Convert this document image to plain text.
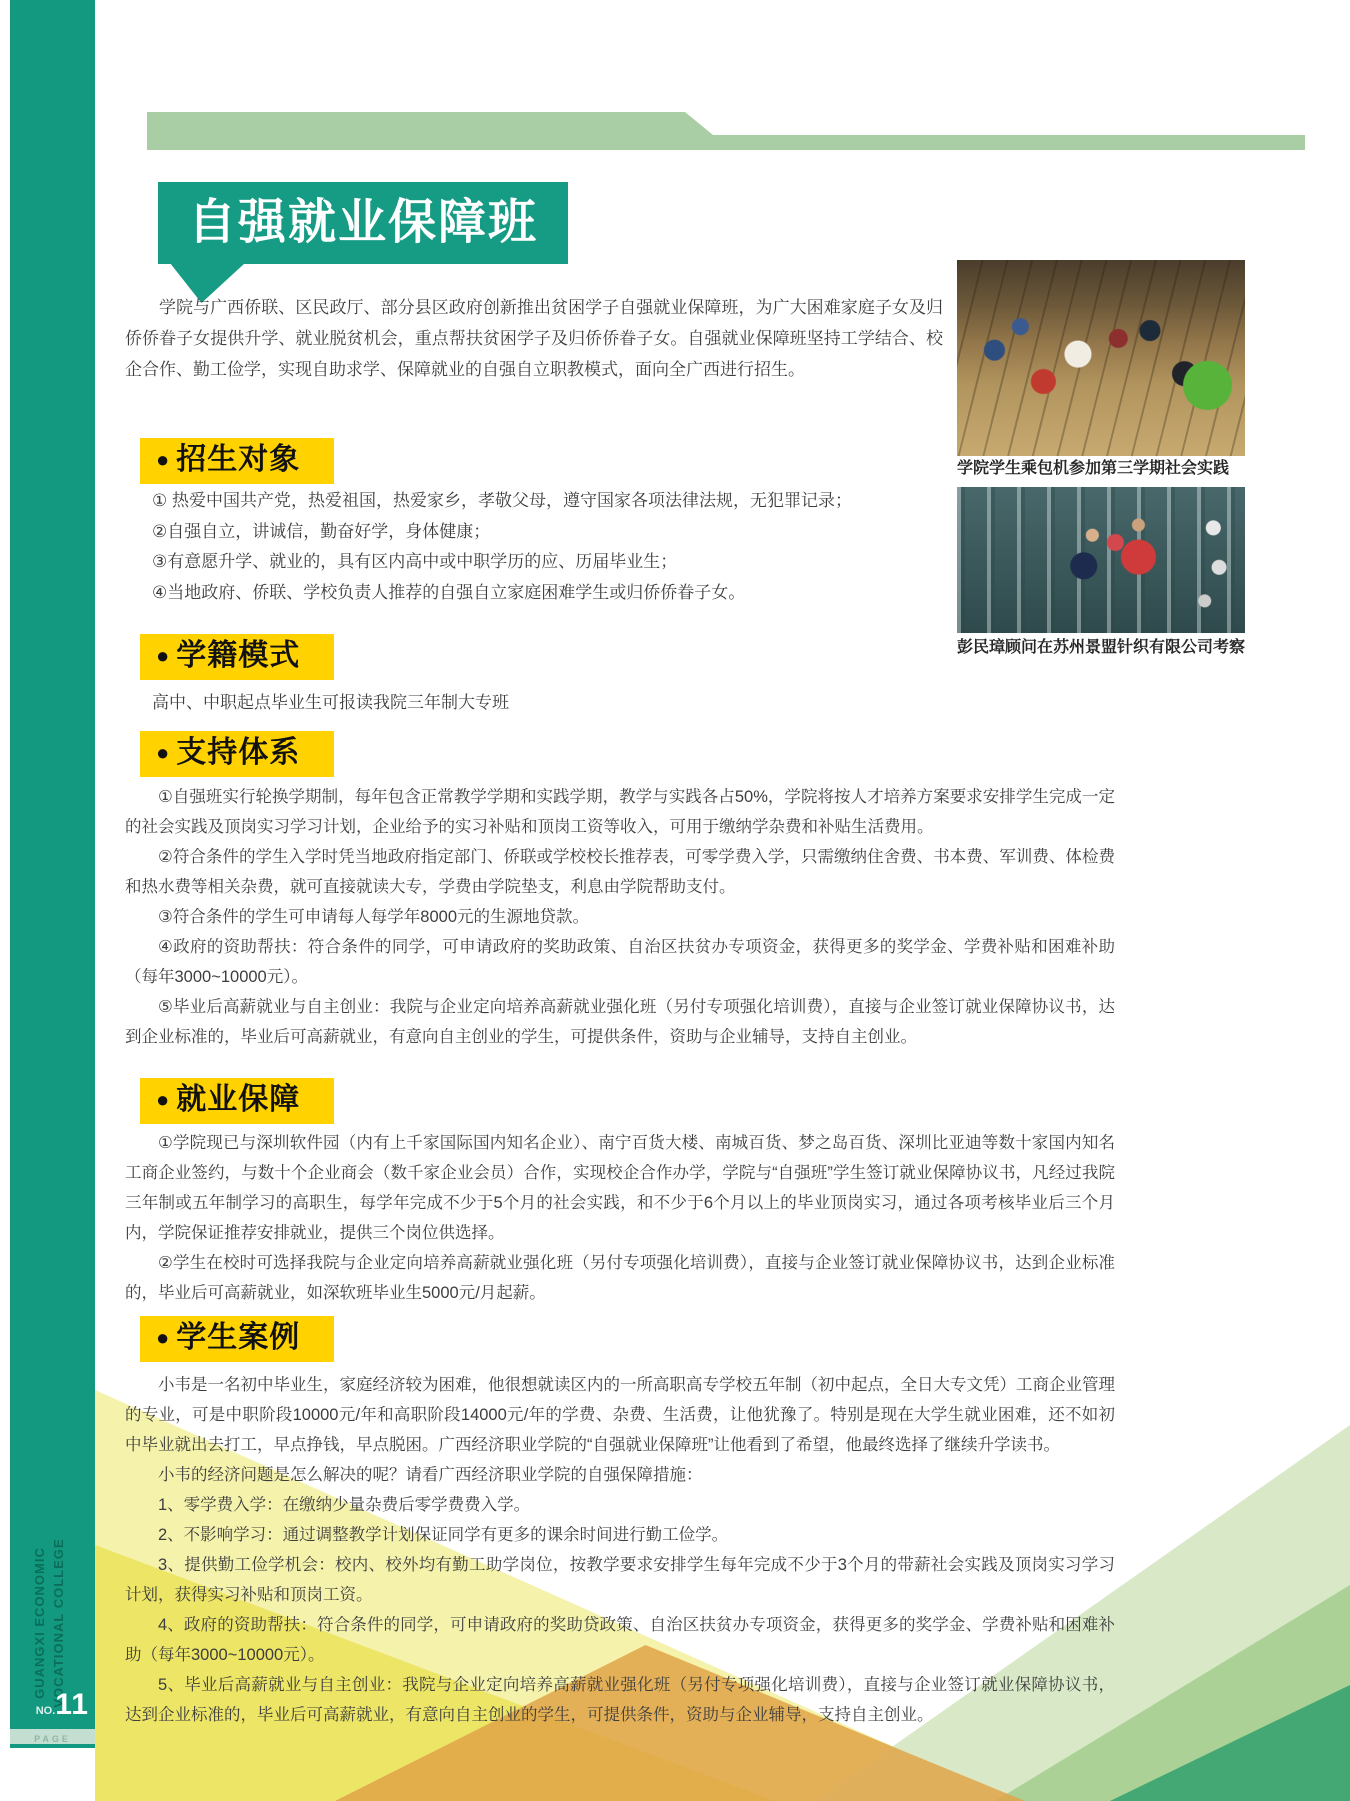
GUANGXI ECONOMIC VOCATIONAL COLLEGE
NO.11
PAGE
自强就业保障班

学院与广西侨联、区民政厅、部分县区政府创新推出贫困学子自强就业保障班，为广大困难家庭子女及归侨侨眷子女提供升学、就业脱贫机会，重点帮扶贫困学子及归侨侨眷子女。自强就业保障班坚持工学结合、校企合作、勤工俭学，实现自助求学、保障就业的自强自立职教模式，面向全广西进行招生。

学院学生乘包机参加第三学期社会实践
彭民璋顾问在苏州景盟针织有限公司考察
● 招生对象
① 热爱中国共产党，热爱祖国，热爱家乡，孝敬父母，遵守国家各项法律法规，无犯罪记录；
②自强自立，讲诚信，勤奋好学，身体健康；
③有意愿升学、就业的，具有区内高中或中职学历的应、历届毕业生；
④当地政府、侨联、学校负责人推荐的自强自立家庭困难学生或归侨侨眷子女。
● 学籍模式
高中、中职起点毕业生可报读我院三年制大专班
● 支持体系

①自强班实行轮换学期制，每年包含正常教学学期和实践学期，教学与实践各占50%，学院将按人才培养方案要求安排学生完成一定的社会实践及顶岗实习学习计划，企业给予的实习补贴和顶岗工资等收入，可用于缴纳学杂费和补贴生活费用。

②符合条件的学生入学时凭当地政府指定部门、侨联或学校校长推荐表，可零学费入学，只需缴纳住舍费、书本费、军训费、体检费和热水费等相关杂费，就可直接就读大专，学费由学院垫支，利息由学院帮助支付。

③符合条件的学生可申请每人每学年8000元的生源地贷款。

④政府的资助帮扶：符合条件的同学，可申请政府的奖助政策、自治区扶贫办专项资金，获得更多的奖学金、学费补贴和困难补助（每年3000~10000元）。

⑤毕业后高薪就业与自主创业：我院与企业定向培养高薪就业强化班（另付专项强化培训费），直接与企业签订就业保障协议书，达到企业标准的，毕业后可高薪就业，有意向自主创业的学生，可提供条件，资助与企业辅导，支持自主创业。

● 就业保障

①学院现已与深圳软件园（内有上千家国际国内知名企业）、南宁百货大楼、南城百货、梦之岛百货、深圳比亚迪等数十家国内知名工商企业签约，与数十个企业商会（数千家企业会员）合作，实现校企合作办学，学院与“自强班”学生签订就业保障协议书，凡经过我院三年制或五年制学习的高职生，每学年完成不少于5个月的社会实践，和不少于6个月以上的毕业顶岗实习，通过各项考核毕业后三个月内，学院保证推荐安排就业，提供三个岗位供选择。

②学生在校时可选择我院与企业定向培养高薪就业强化班（另付专项强化培训费），直接与企业签订就业保障协议书，达到企业标准的，毕业后可高薪就业，如深软班毕业生5000元/月起薪。

● 学生案例

小韦是一名初中毕业生，家庭经济较为困难，他很想就读区内的一所高职高专学校五年制（初中起点，全日大专文凭）工商企业管理的专业，可是中职阶段10000元/年和高职阶段14000元/年的学费、杂费、生活费，让他犹豫了。特别是现在大学生就业困难，还不如初中毕业就出去打工，早点挣钱，早点脱困。广西经济职业学院的“自强就业保障班”让他看到了希望，他最终选择了继续升学读书。

小韦的经济问题是怎么解决的呢？请看广西经济职业学院的自强保障措施：

1、零学费入学：在缴纳少量杂费后零学费费入学。

2、不影响学习：通过调整教学计划保证同学有更多的课余时间进行勤工俭学。

3、提供勤工俭学机会：校内、校外均有勤工助学岗位，按教学要求安排学生每年完成不少于3个月的带薪社会实践及顶岗实习学习计划，获得实习补贴和顶岗工资。

4、政府的资助帮扶：符合条件的同学，可申请政府的奖助贷政策、自治区扶贫办专项资金，获得更多的奖学金、学费补贴和困难补助（每年3000~10000元）。

5、毕业后高薪就业与自主创业：我院与企业定向培养高薪就业强化班（另付专项强化培训费），直接与企业签订就业保障协议书，达到企业标准的，毕业后可高薪就业，有意向自主创业的学生，可提供条件，资助与企业辅导，支持自主创业。
